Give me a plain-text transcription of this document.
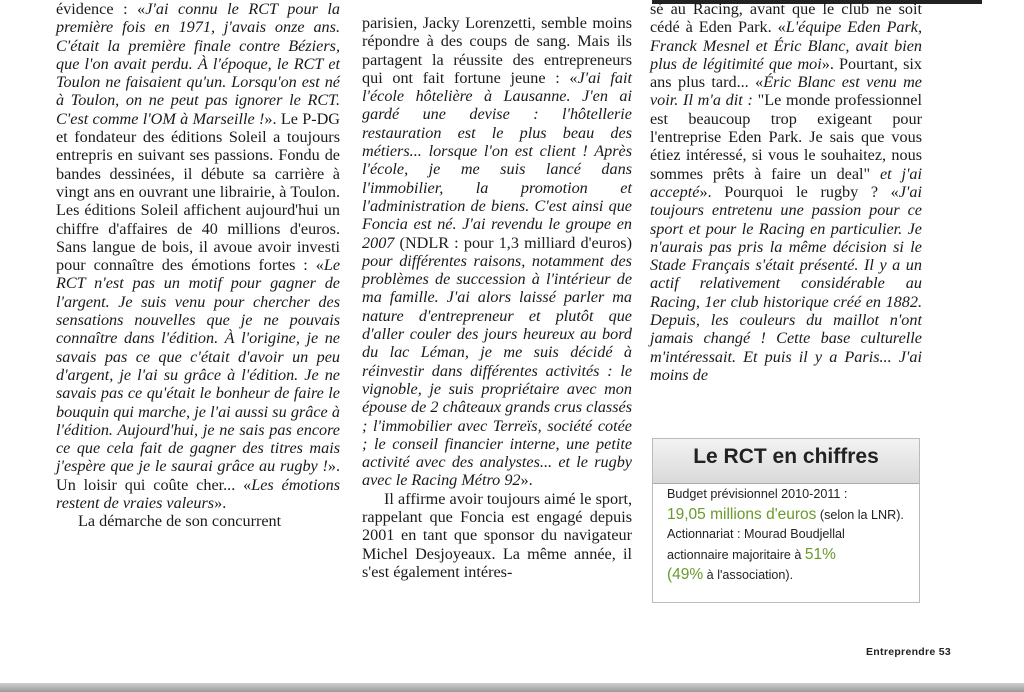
évidence : «J'ai connu le RCT pour la première fois en 1971, j'avais onze ans. C'était la première finale contre Béziers, que l'on avait perdu. À l'époque, le RCT et Toulon ne faisaient qu'un. Lorsqu'on est né à Toulon, on ne peut pas ignorer le RCT. C'est comme l'OM à Marseille !». Le P-DG et fondateur des éditions Soleil a toujours entrepris en suivant ses passions. Fondu de bandes dessinées, il débute sa carrière à vingt ans en ouvrant une librairie, à Toulon. Les éditions Soleil affichent aujourd'hui un chiffre d'affaires de 40 millions d'euros. Sans langue de bois, il avoue avoir investi pour connaître des émotions fortes : «Le RCT n'est pas un motif pour gagner de l'argent. Je suis venu pour chercher des sensations nouvelles que je ne pouvais connaître dans l'édition. À l'origine, je ne savais pas ce que c'était d'avoir un peu d'argent, je l'ai su grâce à l'édition. Je ne savais pas ce qu'était le bonheur de faire le bouquin qui marche, je l'ai aussi su grâce à l'édition. Aujourd'hui, je ne sais pas encore ce que cela fait de gagner des titres mais j'espère que je le saurai grâce au rugby !». Un loisir qui coûte cher... «Les émotions restent de vraies valeurs».

La démarche de son concurrent

parisien, Jacky Lorenzetti, semble moins répondre à des coups de sang. Mais ils partagent la réussite des entrepreneurs qui ont fait fortune jeune : «J'ai fait l'école hôtelière à Lausanne. J'en ai gardé une devise : l'hôtellerie restauration est le plus beau des métiers... lorsque l'on est client ! Après l'école, je me suis lancé dans l'immobilier, la promotion et l'administration de biens. C'est ainsi que Foncia est né. J'ai revendu le groupe en 2007 (NDLR : pour 1,3 milliard d'euros) pour différentes raisons, notamment des problèmes de succession à l'intérieur de ma famille. J'ai alors laissé parler ma nature d'entrepreneur et plutôt que d'aller couler des jours heureux au bord du lac Léman, je me suis décidé à réinvestir dans différentes activités : le vignoble, je suis propriétaire avec mon épouse de 2 châteaux grands crus classés ; l'immobilier avec Terreïs, société cotée ; le conseil financier interne, une petite activité avec des analystes... et le rugby avec le Racing Métro 92».

Il affirme avoir toujours aimé le sport, rappelant que Foncia est engagé depuis 2001 en tant que sponsor du navigateur Michel Desjoyeaux. La même année, il s'est également intéres-

sé au Racing, avant que le club ne soit cédé à Eden Park. «L'équipe Eden Park, Franck Mesnel et Éric Blanc, avait bien plus de légitimité que moi». Pourtant, six ans plus tard... «Éric Blanc est venu me voir. Il m'a dit : "Le monde professionnel est beaucoup trop exigeant pour l'entreprise Eden Park. Je sais que vous étiez intéressé, si vous le souhaitez, nous sommes prêts à faire un deal" et j'ai accepté». Pourquoi le rugby ? «J'ai toujours entretenu une passion pour ce sport et pour le Racing en particulier. Je n'aurais pas pris la même décision si le Stade Français s'était présenté. Il y a un actif relativement considérable au Racing, 1er club historique créé en 1882. Depuis, les couleurs du maillot n'ont jamais changé ! Cette base culturelle m'intéressait. Et puis il y a Paris... J'ai moins de

Le RCT en chiffres
Budget prévisionnel 2010-2011 :
19,05 millions d'euros (selon la LNR).
Actionnariat : Mourad Boudjellal
actionnaire majoritaire à 51%
(49% à l'association).
Entreprendre 53
